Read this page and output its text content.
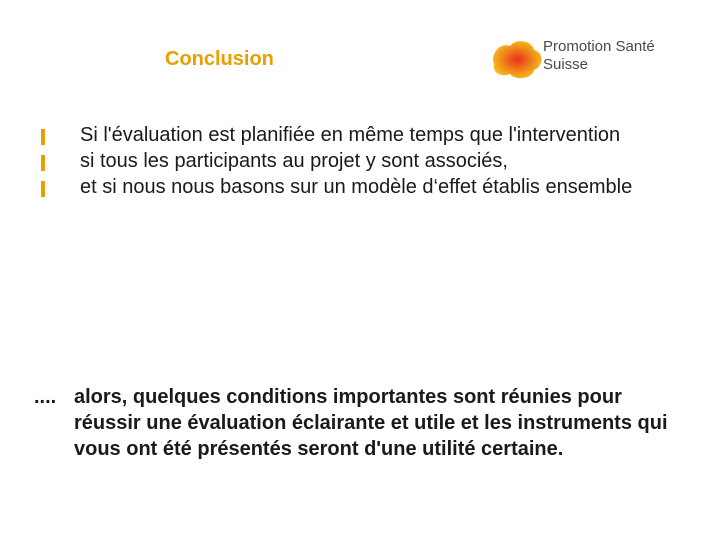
Conclusion
Promotion Santé
Suisse
Si l'évaluation est planifiée en même temps que l'intervention
si tous les participants au projet y sont associés,
et si nous nous basons sur un modèle d‘effet établis ensemble
.... alors, quelques conditions importantes sont réunies pour réussir une évaluation éclairante et utile et les instruments qui vous ont été présentés seront d'une utilité certaine.
